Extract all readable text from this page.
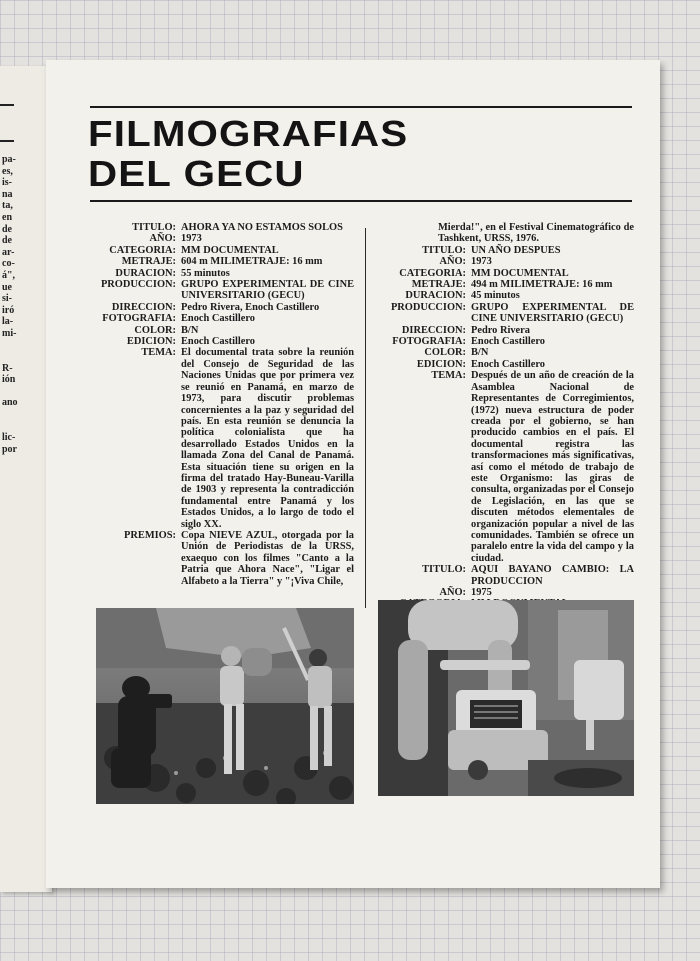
pa-
es,
is-
na
ta,
en
de
de
ar-
co-
á",
ue
si-
iró
la-
mi-

R-
ión

ano

lic-
por
FILMOGRAFIAS
DEL GECU
TITULO: AHORA YA NO ESTAMOS SOLOS
AÑO: 1973
CATEGORIA: MM DOCUMENTAL
METRAJE: 604 m MILIMETRAJE: 16 mm
DURACION: 55 minutos
PRODUCCION: GRUPO EXPERIMENTAL DE CINE UNIVERSITARIO (GECU)
DIRECCION: Pedro Rivera, Enoch Castillero
FOTOGRAFIA: Enoch Castillero
COLOR: B/N
EDICION: Enoch Castillero
TEMA: El documental trata sobre la reunión del Consejo de Seguridad de las Naciones Unidas que por primera vez se reunió en Panamá, en marzo de 1973, para discutir problemas concernientes a la paz y seguridad del país. En esta reunión se denuncia la política colonialista que ha desarrollado Estados Unidos en la llamada Zona del Canal de Panamá. Esta situación tiene su origen en la firma del tratado Hay-Buneau-Varilla de 1903 y representa la contradicción fundamental entre Panamá y los Estados Unidos, a lo largo de todo el siglo XX.
PREMIOS: Copa NIEVE AZUL, otorgada por la Unión de Periodistas de la URSS, exaequo con los filmes "Canto a la Patria que Ahora Nace", "Ligar el Alfabeto a la Tierra" y "¡Viva Chile,
Mierda!", en el Festival Cinematográfico de Tashkent, URSS, 1976.
TITULO: UN AÑO DESPUES
AÑO: 1973
CATEGORIA: MM DOCUMENTAL
METRAJE: 494 m MILIMETRAJE: 16 mm
DURACION: 45 minutos
PRODUCCION: GRUPO EXPERIMENTAL DE CINE UNIVERSITARIO (GECU)
DIRECCION: Pedro Rivera
FOTOGRAFIA: Enoch Castillero
COLOR: B/N
EDICION: Enoch Castillero
TEMA: Después de un año de creación de la Asamblea Nacional de Representantes de Corregimientos, (1972) nueva estructura de poder creada por el gobierno, se han producido cambios en el país. El documental registra las transformaciones más significativas, así como el método de trabajo de este Organismo: las giras de consulta, organizadas por el Consejo de Legislación, en las que se discuten métodos elementales de organización popular a nivel de las comunidades. También se ofrece un paralelo entre la vida del campo y la ciudad.
TITULO: AQUI BAYANO CAMBIO: LA PRODUCCION
AÑO: 1975
